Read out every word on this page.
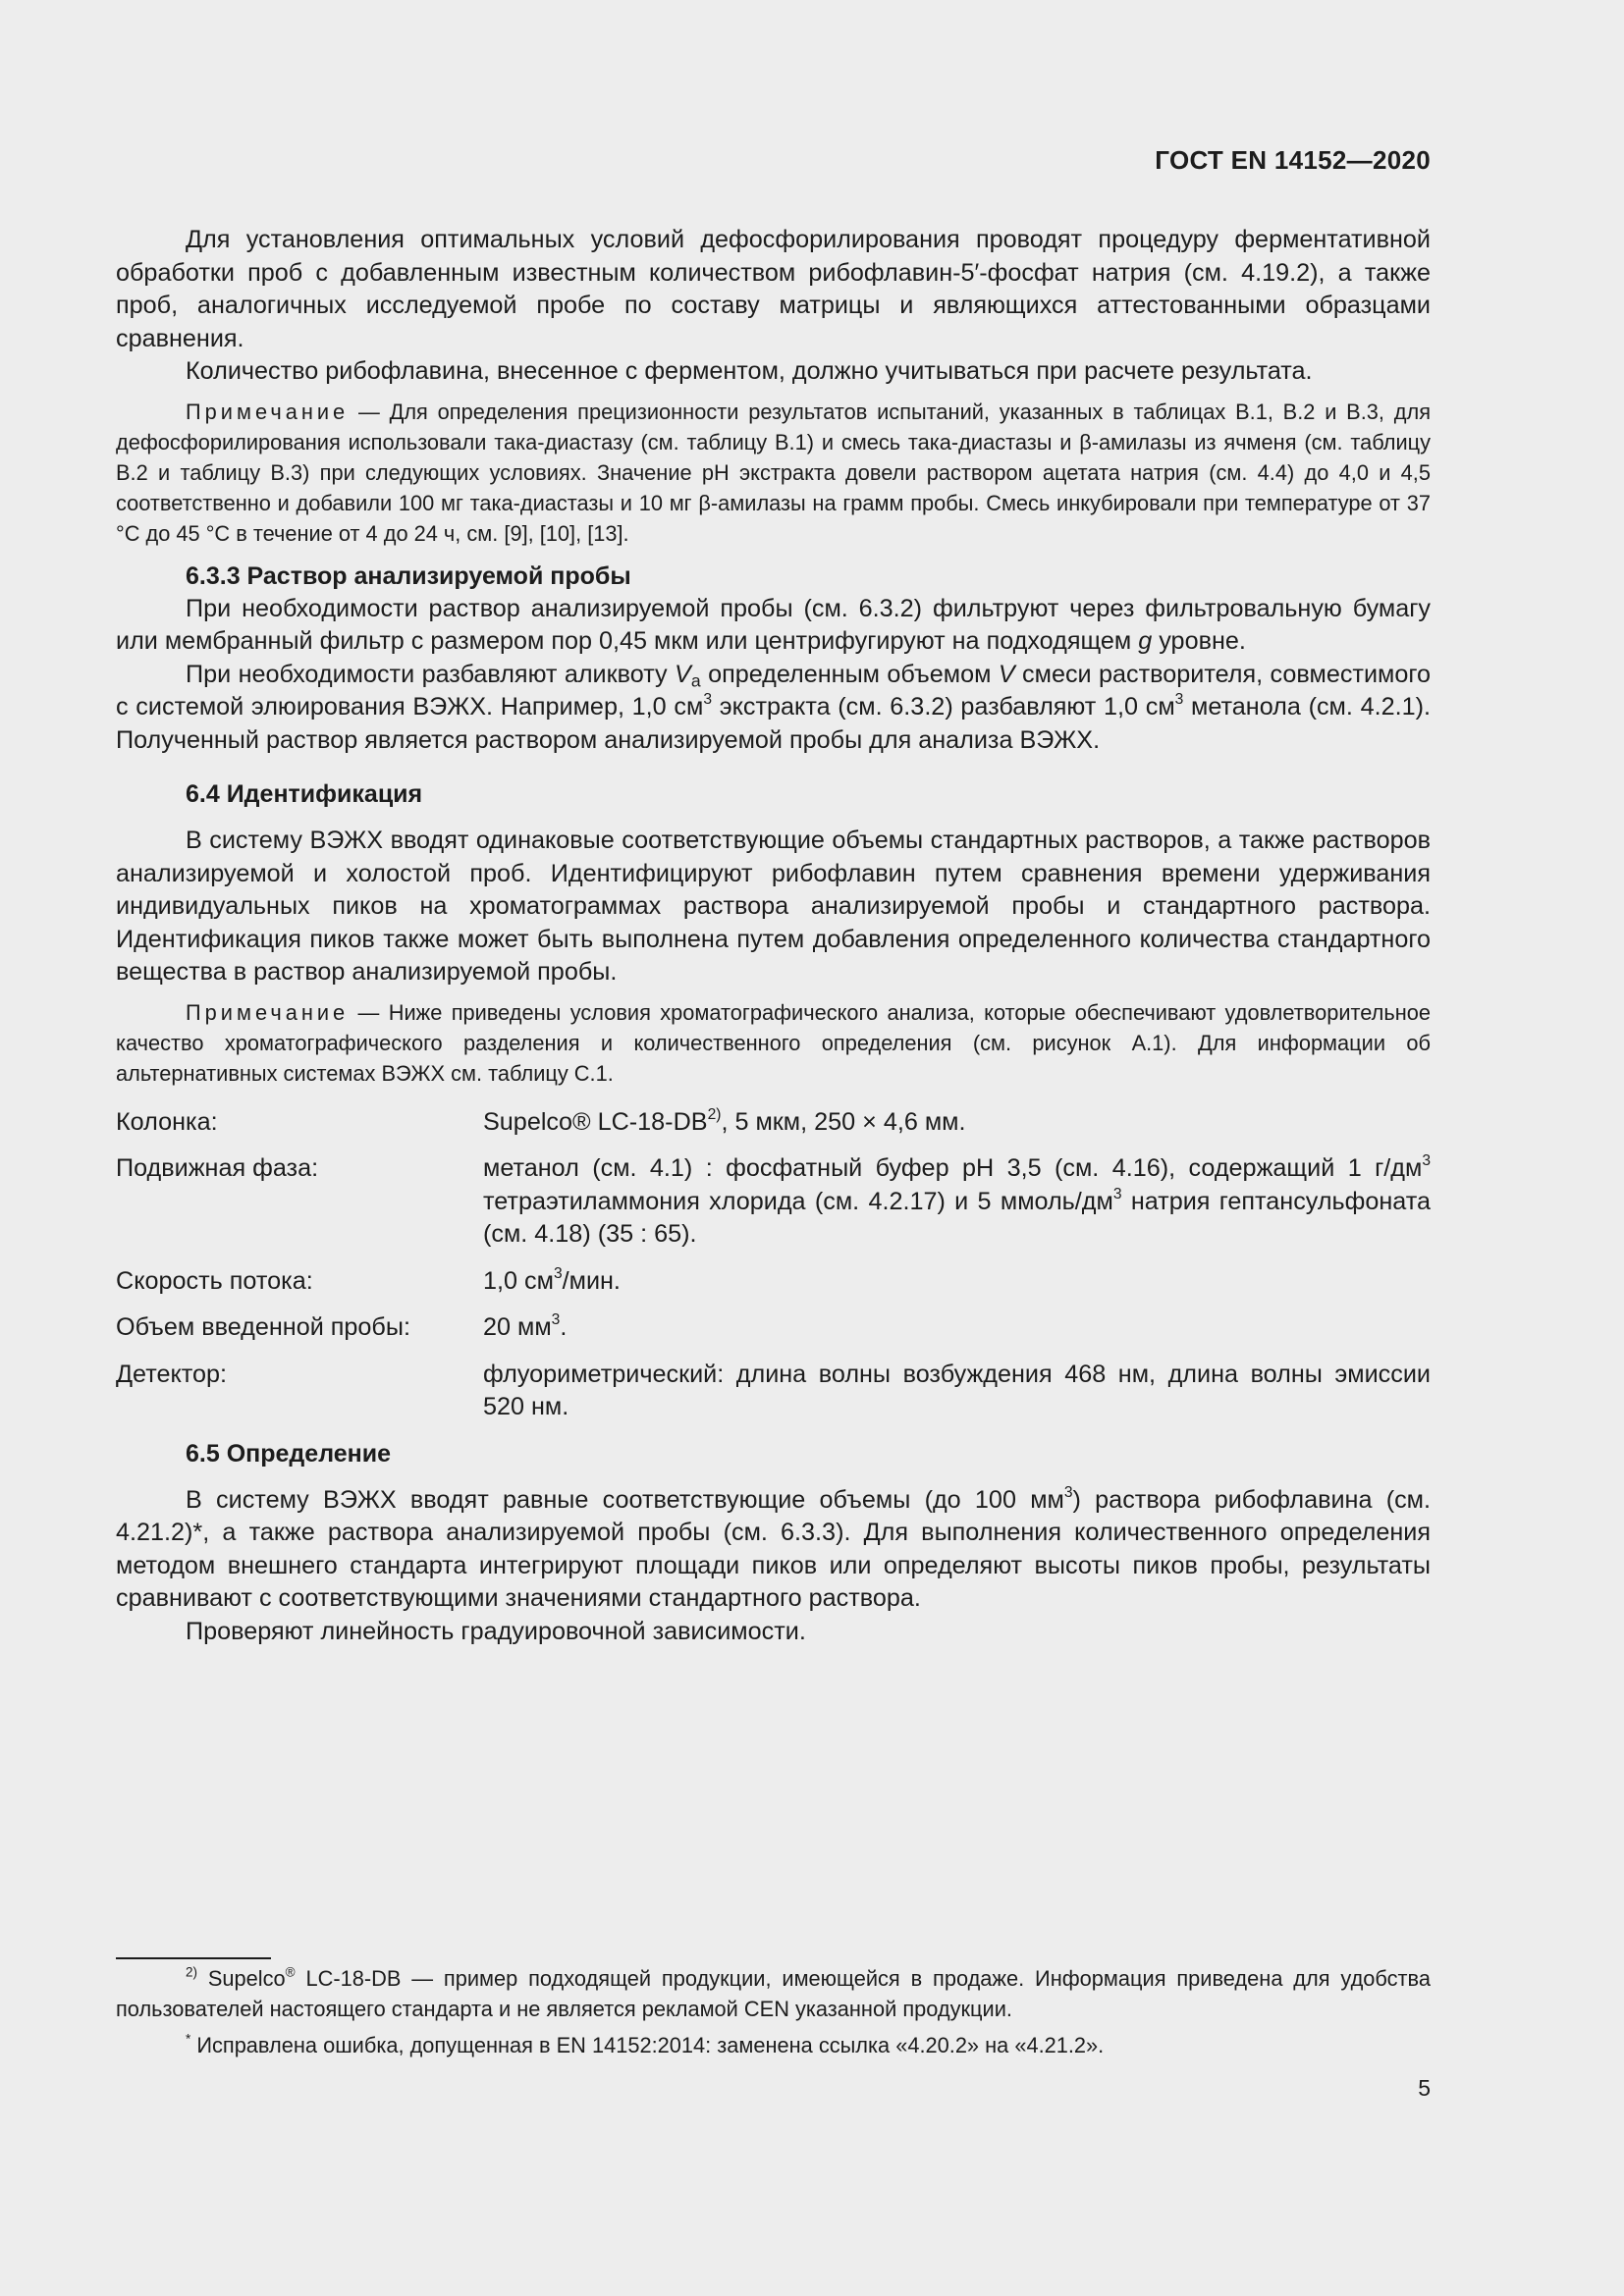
ГОСТ EN 14152—2020

Для установления оптимальных условий дефосфорилирования проводят процедуру ферментативной обработки проб с добавленным известным количеством рибофлавин-5′-фосфат натрия (см. 4.19.2), а также проб, аналогичных исследуемой пробе по составу матрицы и являющихся аттестованными образцами сравнения.

Количество рибофлавина, внесенное с ферментом, должно учитываться при расчете результата.

Примечание — Для определения прецизионности результатов испытаний, указанных в таблицах В.1, В.2 и В.3, для дефосфорилирования использовали така-диастазу (см. таблицу В.1) и смесь така-диастазы и β-амилазы из ячменя (см. таблицу В.2 и таблицу В.3) при следующих условиях. Значение рН экстракта довели раствором ацетата натрия (см. 4.4) до 4,0 и 4,5 соответственно и добавили 100 мг така-диастазы и 10 мг β-амилазы на грамм пробы. Смесь инкубировали при температуре от 37 °С до 45 °С в течение от 4 до 24 ч, см. [9], [10], [13].

6.3.3 Раствор анализируемой пробы

При необходимости раствор анализируемой пробы (см. 6.3.2) фильтруют через фильтровальную бумагу или мембранный фильтр с размером пор 0,45 мкм или центрифугируют на подходящем g уровне.

При необходимости разбавляют аликвоту $V_a$ определенным объемом V смеси растворителя, совместимого с системой элюирования ВЭЖХ. Например, 1,0 $см^3$ экстракта (см. 6.3.2) разбавляют 1,0 $см^3$ метанола (см. 4.2.1). Полученный раствор является раствором анализируемой пробы для анализа ВЭЖХ.

6.4 Идентификация

В систему ВЭЖХ вводят одинаковые соответствующие объемы стандартных растворов, а также растворов анализируемой и холостой проб. Идентифицируют рибофлавин путем сравнения времени удерживания индивидуальных пиков на хроматограммах раствора анализируемой пробы и стандартного раствора. Идентификация пиков также может быть выполнена путем добавления определенного количества стандартного вещества в раствор анализируемой пробы.

Примечание — Ниже приведены условия хроматографического анализа, которые обеспечивают удовлетворительное качество хроматографического разделения и количественного определения (см. рисунок А.1). Для информации об альтернативных системах ВЭЖХ см. таблицу С.1.

Колонка:	Supelco® LC-18-DB$^{2)}$, 5 мкм, 250 × 4,6 мм.
Подвижная фаза:	метанол (см. 4.1) : фосфатный буфер рН 3,5 (см. 4.16), содержащий 1 $г/дм^3$ тетраэтиламмония хлорида (см. 4.2.17) и 5 ммоль/$дм^3$ натрия гептансульфоната (см. 4.18) (35 : 65).
Скорость потока:	1,0 $см^3$/мин.
Объем введенной пробы:	20 $мм^3$.
Детектор:	флуориметрический: длина волны возбуждения 468 нм, длина волны эмиссии 520 нм.

6.5 Определение

В систему ВЭЖХ вводят равные соответствующие объемы (до 100 $мм^3$) раствора рибофлавина (см. 4.21.2)*, а также раствора анализируемой пробы (см. 6.3.3). Для выполнения количественного определения методом внешнего стандарта интегрируют площади пиков или определяют высоты пиков пробы, результаты сравнивают с соответствующими значениями стандартного раствора.

Проверяют линейность градуировочной зависимости.

$^{2)}$ Supelco® LC-18-DB — пример подходящей продукции, имеющейся в продаже. Информация приведена для удобства пользователей настоящего стандарта и не является рекламой CEN указанной продукции.

* Исправлена ошибка, допущенная в EN 14152:2014: заменена ссылка «4.20.2» на «4.21.2».

5
